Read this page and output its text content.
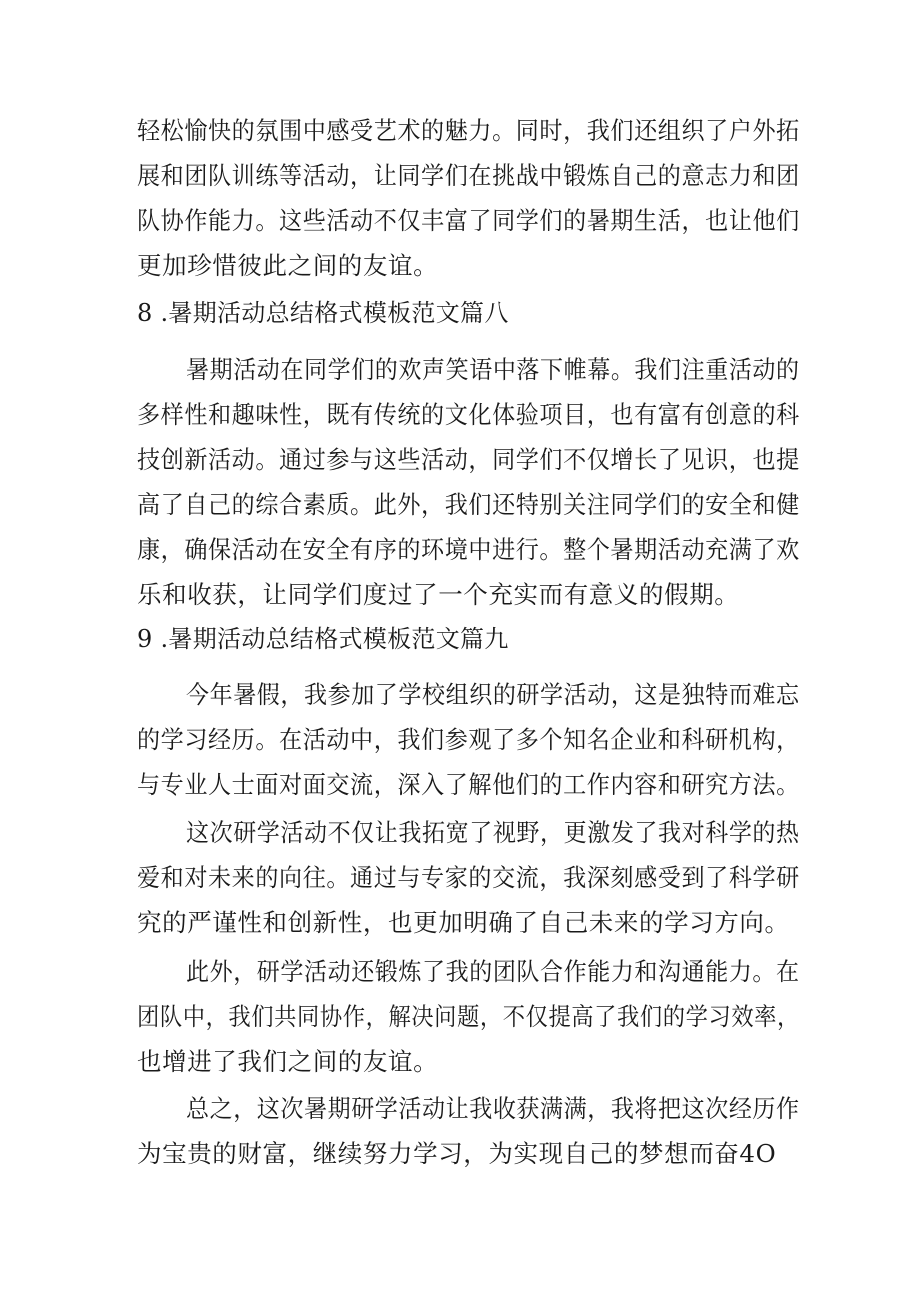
轻松愉快的氛围中感受艺术的魅力。同时，我们还组织了户外拓
展和团队训练等活动，让同学们在挑战中锻炼自己的意志力和团
队协作能力。这些活动不仅丰富了同学们的暑期生活，也让他们
更加珍惜彼此之间的友谊。
8 .暑期活动总结格式模板范文篇八
暑期活动在同学们的欢声笑语中落下帷幕。我们注重活动的
多样性和趣味性，既有传统的文化体验项目，也有富有创意的科
技创新活动。通过参与这些活动，同学们不仅增长了见识，也提
高了自己的综合素质。此外，我们还特别关注同学们的安全和健
康，确保活动在安全有序的环境中进行。整个暑期活动充满了欢
乐和收获，让同学们度过了一个充实而有意义的假期。
9 .暑期活动总结格式模板范文篇九
今年暑假，我参加了学校组织的研学活动，这是独特而难忘
的学习经历。在活动中，我们参观了多个知名企业和科研机构，
与专业人士面对面交流，深入了解他们的工作内容和研究方法。
这次研学活动不仅让我拓宽了视野，更激发了我对科学的热
爱和对未来的向往。通过与专家的交流，我深刻感受到了科学研
究的严谨性和创新性，也更加明确了自己未来的学习方向。
此外，研学活动还锻炼了我的团队合作能力和沟通能力。在
团队中，我们共同协作，解决问题，不仅提高了我们的学习效率，
也增进了我们之间的友谊。
总之，这次暑期研学活动让我收获满满，我将把这次经历作
为宝贵的财富，继续努力学习，为实现自己的梦想而奋4O
